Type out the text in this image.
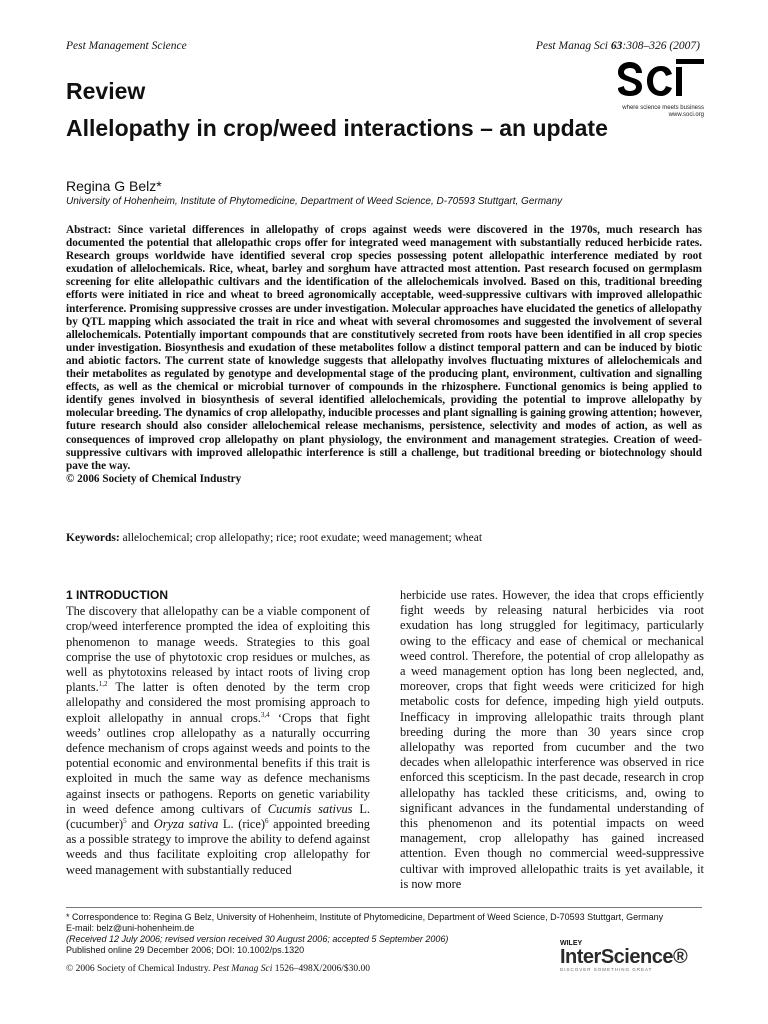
Pest Management Science	Pest Manag Sci 63:308–326 (2007)
where science meets business
www.soci.org
Review
Allelopathy in crop/weed interactions – an update
Regina G Belz*
University of Hohenheim, Institute of Phytomedicine, Department of Weed Science, D-70593 Stuttgart, Germany
Abstract: Since varietal differences in allelopathy of crops against weeds were discovered in the 1970s, much research has documented the potential that allelopathic crops offer for integrated weed management with substantially reduced herbicide rates. Research groups worldwide have identified several crop species possessing potent allelopathic interference mediated by root exudation of allelochemicals. Rice, wheat, barley and sorghum have attracted most attention. Past research focused on germplasm screening for elite allelopathic cultivars and the identification of the allelochemicals involved. Based on this, traditional breeding efforts were initiated in rice and wheat to breed agronomically acceptable, weed-suppressive cultivars with improved allelopathic interference. Promising suppressive crosses are under investigation. Molecular approaches have elucidated the genetics of allelopathy by QTL mapping which associated the trait in rice and wheat with several chromosomes and suggested the involvement of several allelochemicals. Potentially important compounds that are constitutively secreted from roots have been identified in all crop species under investigation. Biosynthesis and exudation of these metabolites follow a distinct temporal pattern and can be induced by biotic and abiotic factors. The current state of knowledge suggests that allelopathy involves fluctuating mixtures of allelochemicals and their metabolites as regulated by genotype and developmental stage of the producing plant, environment, cultivation and signalling effects, as well as the chemical or microbial turnover of compounds in the rhizosphere. Functional genomics is being applied to identify genes involved in biosynthesis of several identified allelochemicals, providing the potential to improve allelopathy by molecular breeding. The dynamics of crop allelopathy, inducible processes and plant signalling is gaining growing attention; however, future research should also consider allelochemical release mechanisms, persistence, selectivity and modes of action, as well as consequences of improved crop allelopathy on plant physiology, the environment and management strategies. Creation of weed-suppressive cultivars with improved allelopathic interference is still a challenge, but traditional breeding or biotechnology should pave the way.
© 2006 Society of Chemical Industry
Keywords: allelochemical; crop allelopathy; rice; root exudate; weed management; wheat
1 INTRODUCTION
The discovery that allelopathy can be a viable component of crop/weed interference prompted the idea of exploiting this phenomenon to manage weeds. Strategies to this goal comprise the use of phytotoxic crop residues or mulches, as well as phytotoxins released by intact roots of living crop plants.$^{1,2}$ The latter is often denoted by the term crop allelopathy and considered the most promising approach to exploit allelopathy in annual crops.$^{3,4}$ ‘Crops that fight weeds’ outlines crop allelopathy as a naturally occurring defence mechanism of crops against weeds and points to the potential economic and environmental benefits if this trait is exploited in much the same way as defence mechanisms against insects or pathogens. Reports on genetic variability in weed defence among cultivars of Cucumis sativus L. (cucumber)$^5$ and Oryza sativa L. (rice)$^6$ appointed breeding as a possible strategy to improve the ability to defend against weeds and thus facilitate exploiting crop allelopathy for weed management with substantially reduced
herbicide use rates. However, the idea that crops efficiently fight weeds by releasing natural herbicides via root exudation has long struggled for legitimacy, particularly owing to the efficacy and ease of chemical or mechanical weed control. Therefore, the potential of crop allelopathy as a weed management option has long been neglected, and, moreover, crops that fight weeds were criticized for high metabolic costs for defence, impeding high yield outputs. Inefficacy in improving allelopathic traits through plant breeding during the more than 30 years since crop allelopathy was reported from cucumber and the two decades when allelopathic interference was observed in rice enforced this scepticism. In the past decade, research in crop allelopathy has tackled these criticisms, and, owing to significant advances in the fundamental understanding of this phenomenon and its potential impacts on weed management, crop allelopathy has gained increased attention. Even though no commercial weed-suppressive cultivar with improved allelopathic traits is yet available, it is now more
* Correspondence to: Regina G Belz, University of Hohenheim, Institute of Phytomedicine, Department of Weed Science, D-70593 Stuttgart, Germany
E-mail: belz@uni-hohenheim.de
(Received 12 July 2006; revised version received 30 August 2006; accepted 5 September 2006)
Published online 29 December 2006; DOI: 10.1002/ps.1320
© 2006 Society of Chemical Industry. Pest Manag Sci 1526–498X/2006/$30.00
WILEY
InterScience®
DISCOVER SOMETHING GREAT
